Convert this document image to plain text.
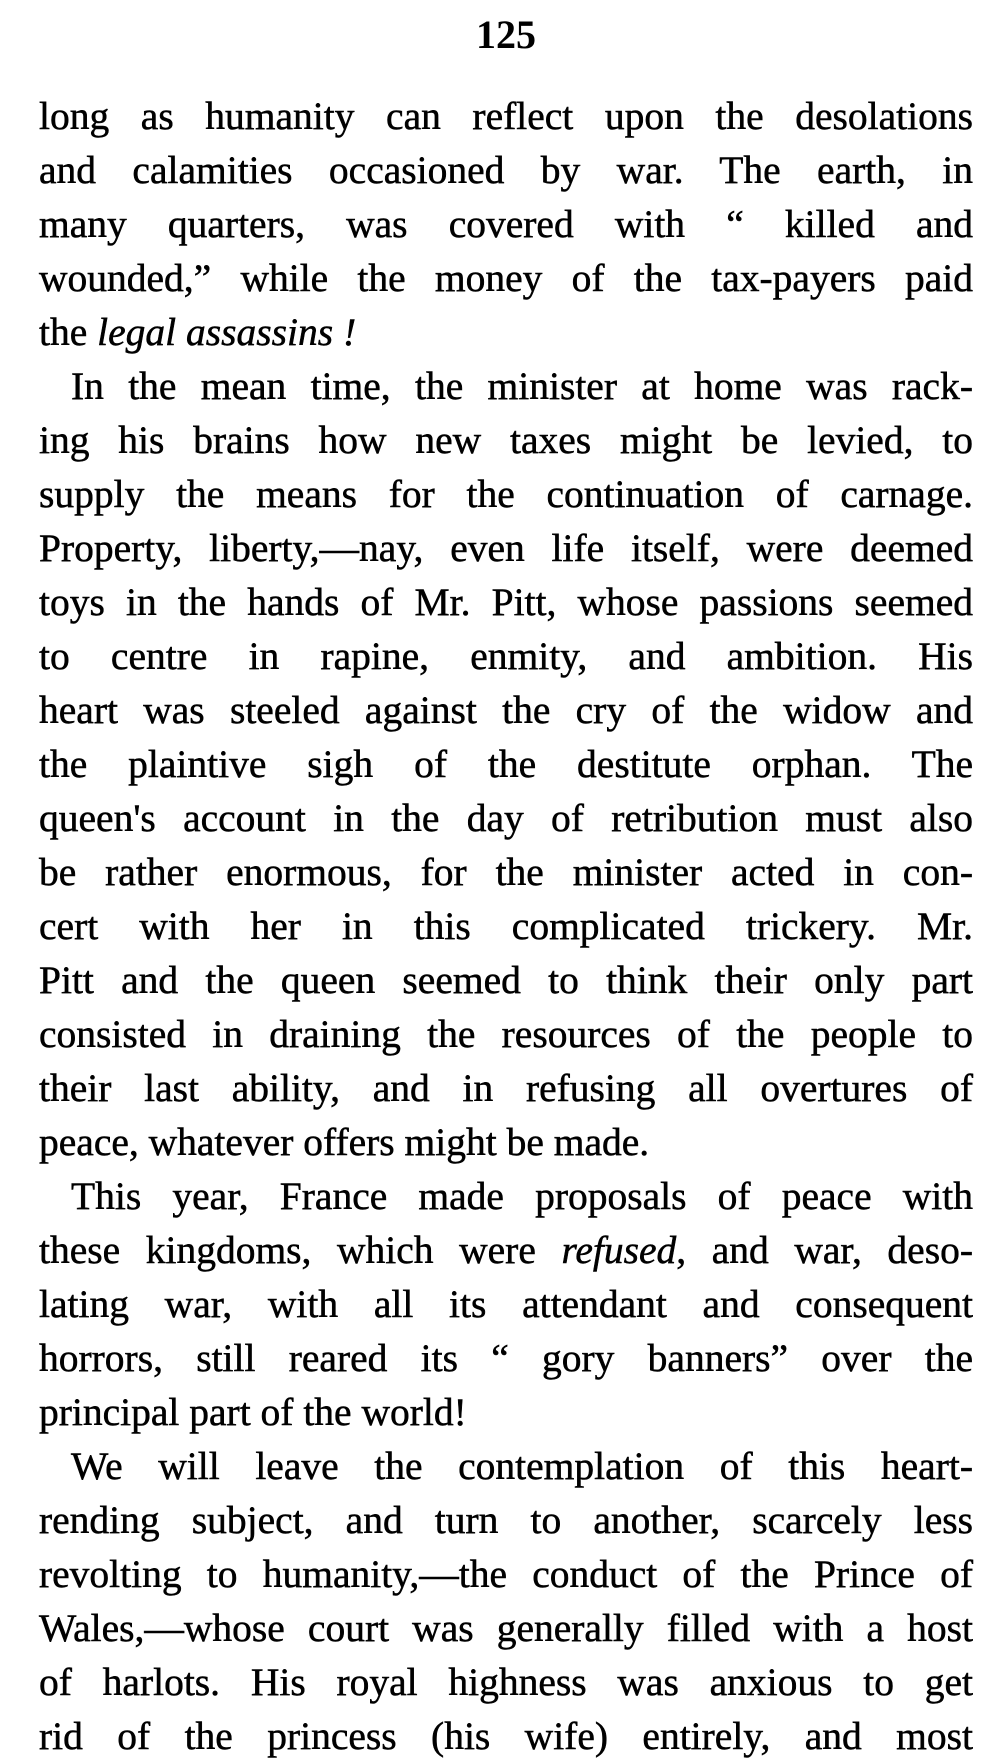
125
long as humanity can reflect upon the desolations
and calamities occasioned by war. The earth, in
many quarters, was covered with “ killed and
wounded,” while the money of the tax-payers paid
the legal assassins !
In the mean time, the minister at home was rack-
ing his brains how new taxes might be levied, to
supply the means for the continuation of carnage.
Property, liberty,—nay, even life itself, were deemed
toys in the hands of Mr. Pitt, whose passions seemed
to centre in rapine, enmity, and ambition. His
heart was steeled against the cry of the widow and
the plaintive sigh of the destitute orphan. The
queen's account in the day of retribution must also
be rather enormous, for the minister acted in con-
cert with her in this complicated trickery. Mr.
Pitt and the queen seemed to think their only part
consisted in draining the resources of the people to
their last ability, and in refusing all overtures of
peace, whatever offers might be made.
This year, France made proposals of peace with
these kingdoms, which were refused, and war, deso-
lating war, with all its attendant and consequent
horrors, still reared its “ gory banners” over the
principal part of the world!
We will leave the contemplation of this heart-
rending subject, and turn to another, scarcely less
revolting to humanity,—the conduct of the Prince of
Wales,—whose court was generally filled with a host
of harlots. His royal highness was anxious to get
rid of the princess (his wife) entirely, and most
